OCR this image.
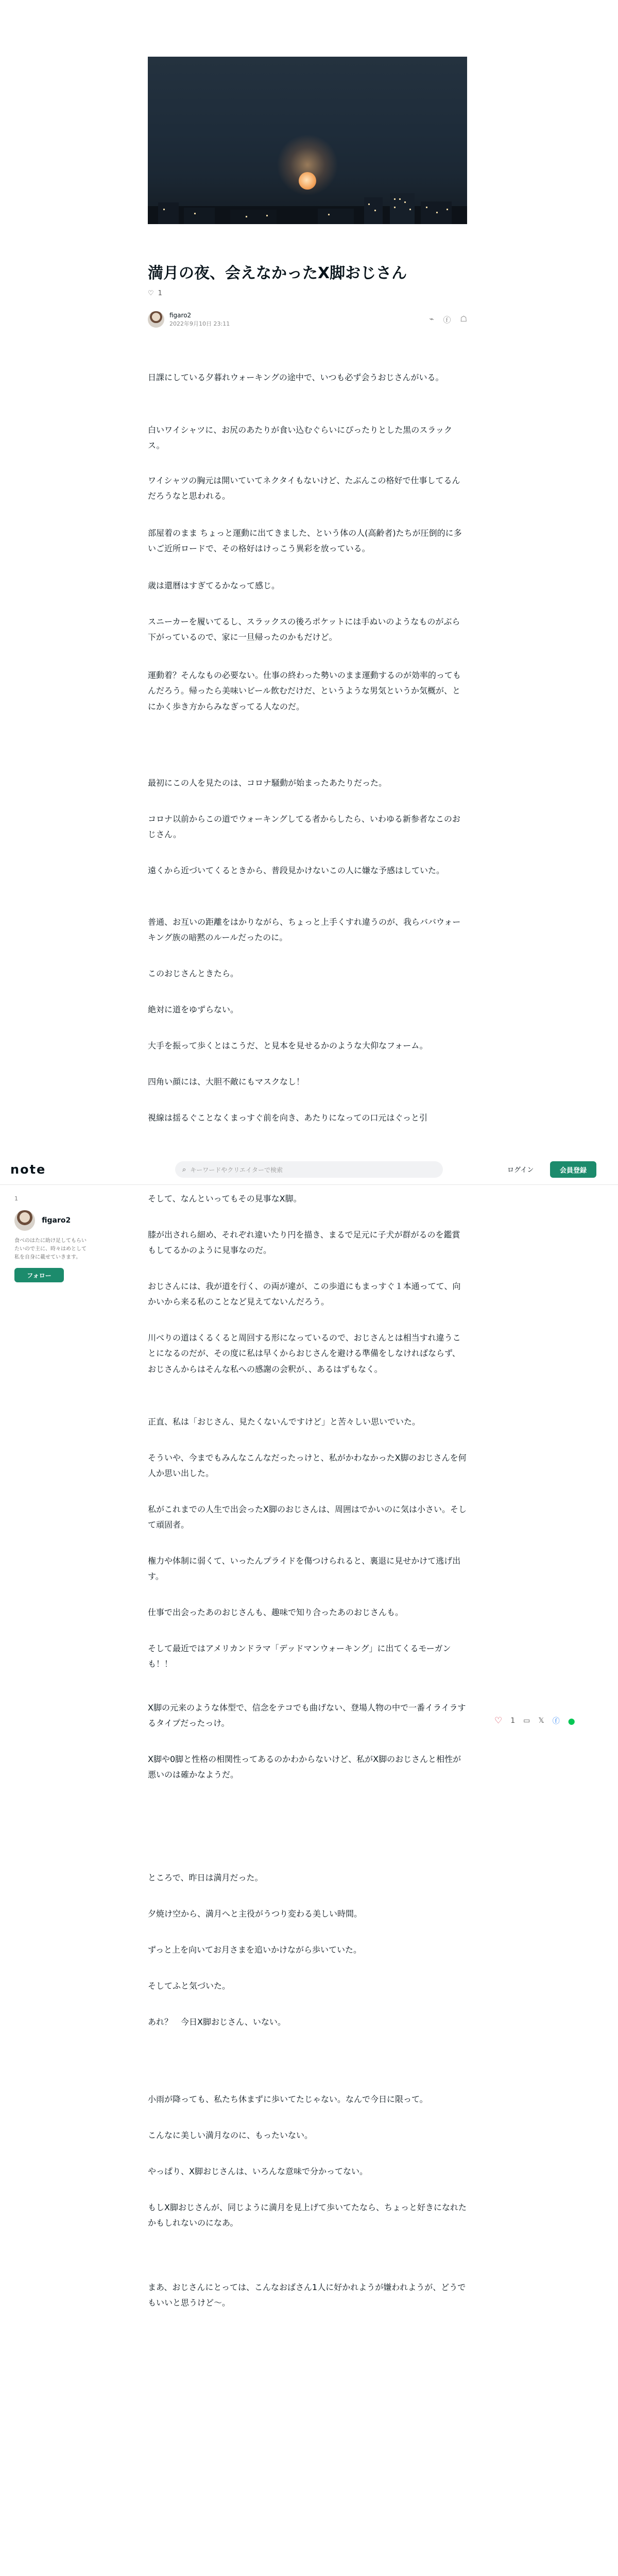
満月の夜、会えなかったX脚おじさん
♡ 1
figaro2
2022年9月10日 23:11
⌁ ⓕ ☖

日課にしている夕暮れウォーキングの途中で、いつも必ず会うおじさんがいる。

白いワイシャツに、お尻のあたりが食い込むぐらいにぴったりとした黒のスラックス。

ワイシャツの胸元は開いていてネクタイもないけど、たぶんこの格好で仕事してるんだろうなと思われる。

部屋着のまま ちょっと運動に出てきました、という体の人(高齢者)たちが圧倒的に多いご近所ロードで、その格好はけっこう異彩を放っている。

歳は還暦はすぎてるかなって感じ。

スニーカーを履いてるし、スラックスの後ろポケットには手ぬいのようなものがぶら下がっているので、家に一旦帰ったのかもだけど。

運動着？そんなもの必要ない。仕事の終わった勢いのまま運動するのが効率的ってもんだろう。帰ったら美味いビール飲むだけだ、というような男気というか気概が、とにかく歩き方からみなぎってる人なのだ。

最初にこの人を見たのは、コロナ騒動が始まったあたりだった。

コロナ以前からこの道でウォーキングしてる者からしたら、いわゆる新参者なこのおじさん。

遠くから近づいてくるときから、普段見かけないこの人に嫌な予感はしていた。

普通、お互いの距離をはかりながら、ちょっと上手くすれ違うのが、我らババウォーキング族の暗黙のルールだったのに。

このおじさんときたら。

絶対に道をゆずらない。

大手を振って歩くとはこうだ、と見本を見せるかのような大仰なフォーム。

四角い顔には、大胆不敵にもマスクなし！

視線は揺るぐことなくまっすぐ前を向き、あたりになっての口元はぐっと引

そして、なんといってもその見事なX脚。

膝が出されら細め、それぞれ違いたり円を描き、まるで足元に子犬が群がるのを鑑賞もしてるかのように見事なのだ。

おじさんには、我が道を行く、の両が違が、この歩道にもまっすぐ１本通ってて、向かいから来る私のことなど見えてないんだろう。

川べりの道はくるくると周回する形になっているので、おじさんとは相当すれ違うことになるのだが、その度に私は早くからおじさんを避ける準備をしなければならず、おじさんからはそんな私への感謝の会釈が、、あるはずもなく。

正直、私は「おじさん、見たくないんですけど」と苦々しい思いでいた。

そういや、今までもみんなこんなだったっけと、私がかわなかったX脚のおじさんを何人か思い出した。

私がこれまでの人生で出会ったX脚のおじさんは、周囲はでかいのに気は小さい。そして頑固者。

権力や体制に弱くて、いったんプライドを傷つけられると、裏退に見せかけて逃げ出す。

仕事で出会ったあのおじさんも、趣味で知り合ったあのおじさんも。

そして最近ではアメリカンドラマ「デッドマンウォーキング」に出てくるモーガンも！！

X脚の元来のような体型で、信念をテコでも曲げない、登場人物の中で一番イライラするタイプだったっけ。

X脚や0脚と性格の相関性ってあるのかわからないけど、私がX脚のおじさんと相性が悪いのは確かなようだ。

ところで、昨日は満月だった。

夕焼け空から、満月へと主役がうつり変わる美しい時間。

ずっと上を向いてお月さまを追いかけながら歩いていた。

そしてふと気づいた。

あれ？　今日X脚おじさん、いない。

小雨が降っても、私たち休まずに歩いてたじゃない。なんで今日に限って。

こんなに美しい満月なのに、もったいない。

やっぱり、X脚おじさんは、いろんな意味で分かってない。

もしX脚おじさんが、同じように満月を見上げて歩いてたなら、ちょっと好きになれたかもしれないのになあ。

まあ、おじさんにとっては、こんなおばさん1人に好かれようが嫌われようが、どうでもいいと思うけど〜。

note	⌕ キーワードやクリエイターで検索	ログイン	会員登録
1
figaro2
食べのはたに助け足してもらいたいので主に、時々はめとして私を自身に載せていきます。
フォロー
♡ 1 ▭ 𝕏 ⓕ ●
